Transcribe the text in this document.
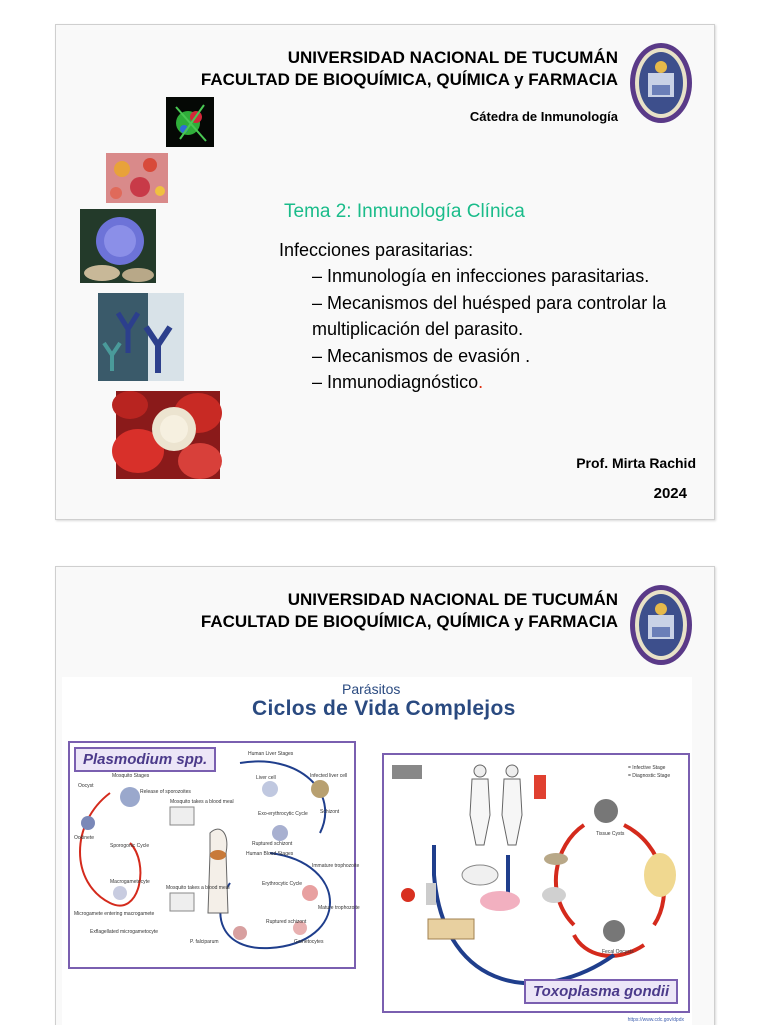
UNIVERSIDAD NACIONAL DE TUCUMÁN
FACULTAD DE BIOQUÍMICA, QUÍMICA y FARMACIA
Cátedra de Inmunología
Tema 2: Inmunología Clínica
Infecciones parasitarias:
– Inmunología en infecciones parasitarias.
– Mecanismos del huésped para controlar la multiplicación del parasito.
– Mecanismos de evasión .
– Inmunodiagnóstico.
Prof. Mirta Rachid
2024
UNIVERSIDAD NACIONAL DE TUCUMÁN
FACULTAD DE BIOQUÍMICA, QUÍMICA y FARMACIA
Parásitos
Ciclos de Vida Complejos
Human Liver Stages
Exo-erythrocytic Cycle
Human Blood Stages
Erythrocytic Cycle
Mosquito Stages
Sporogonic Cycle
Liver cell	Infected liver cell
Ruptured schizont
Schizont
Immature trophozoite
Mature trophozoite
Ruptured schizont
Gametocytes
Oocyst
Ookinete
Macrogametocyte
Microgamete entering macrogamete
Exflagellated microgametocyte
Release of sporozoites
Mosquito takes a blood meal
Mosquito takes a blood meal
P. falciparum
Plasmodium spp.	= Infective Stage
= Diagnostic Stage
Tissue Cysts
Fecal Oocysts
Toxoplasma gondii
https://www.cdc.gov/dpdx
